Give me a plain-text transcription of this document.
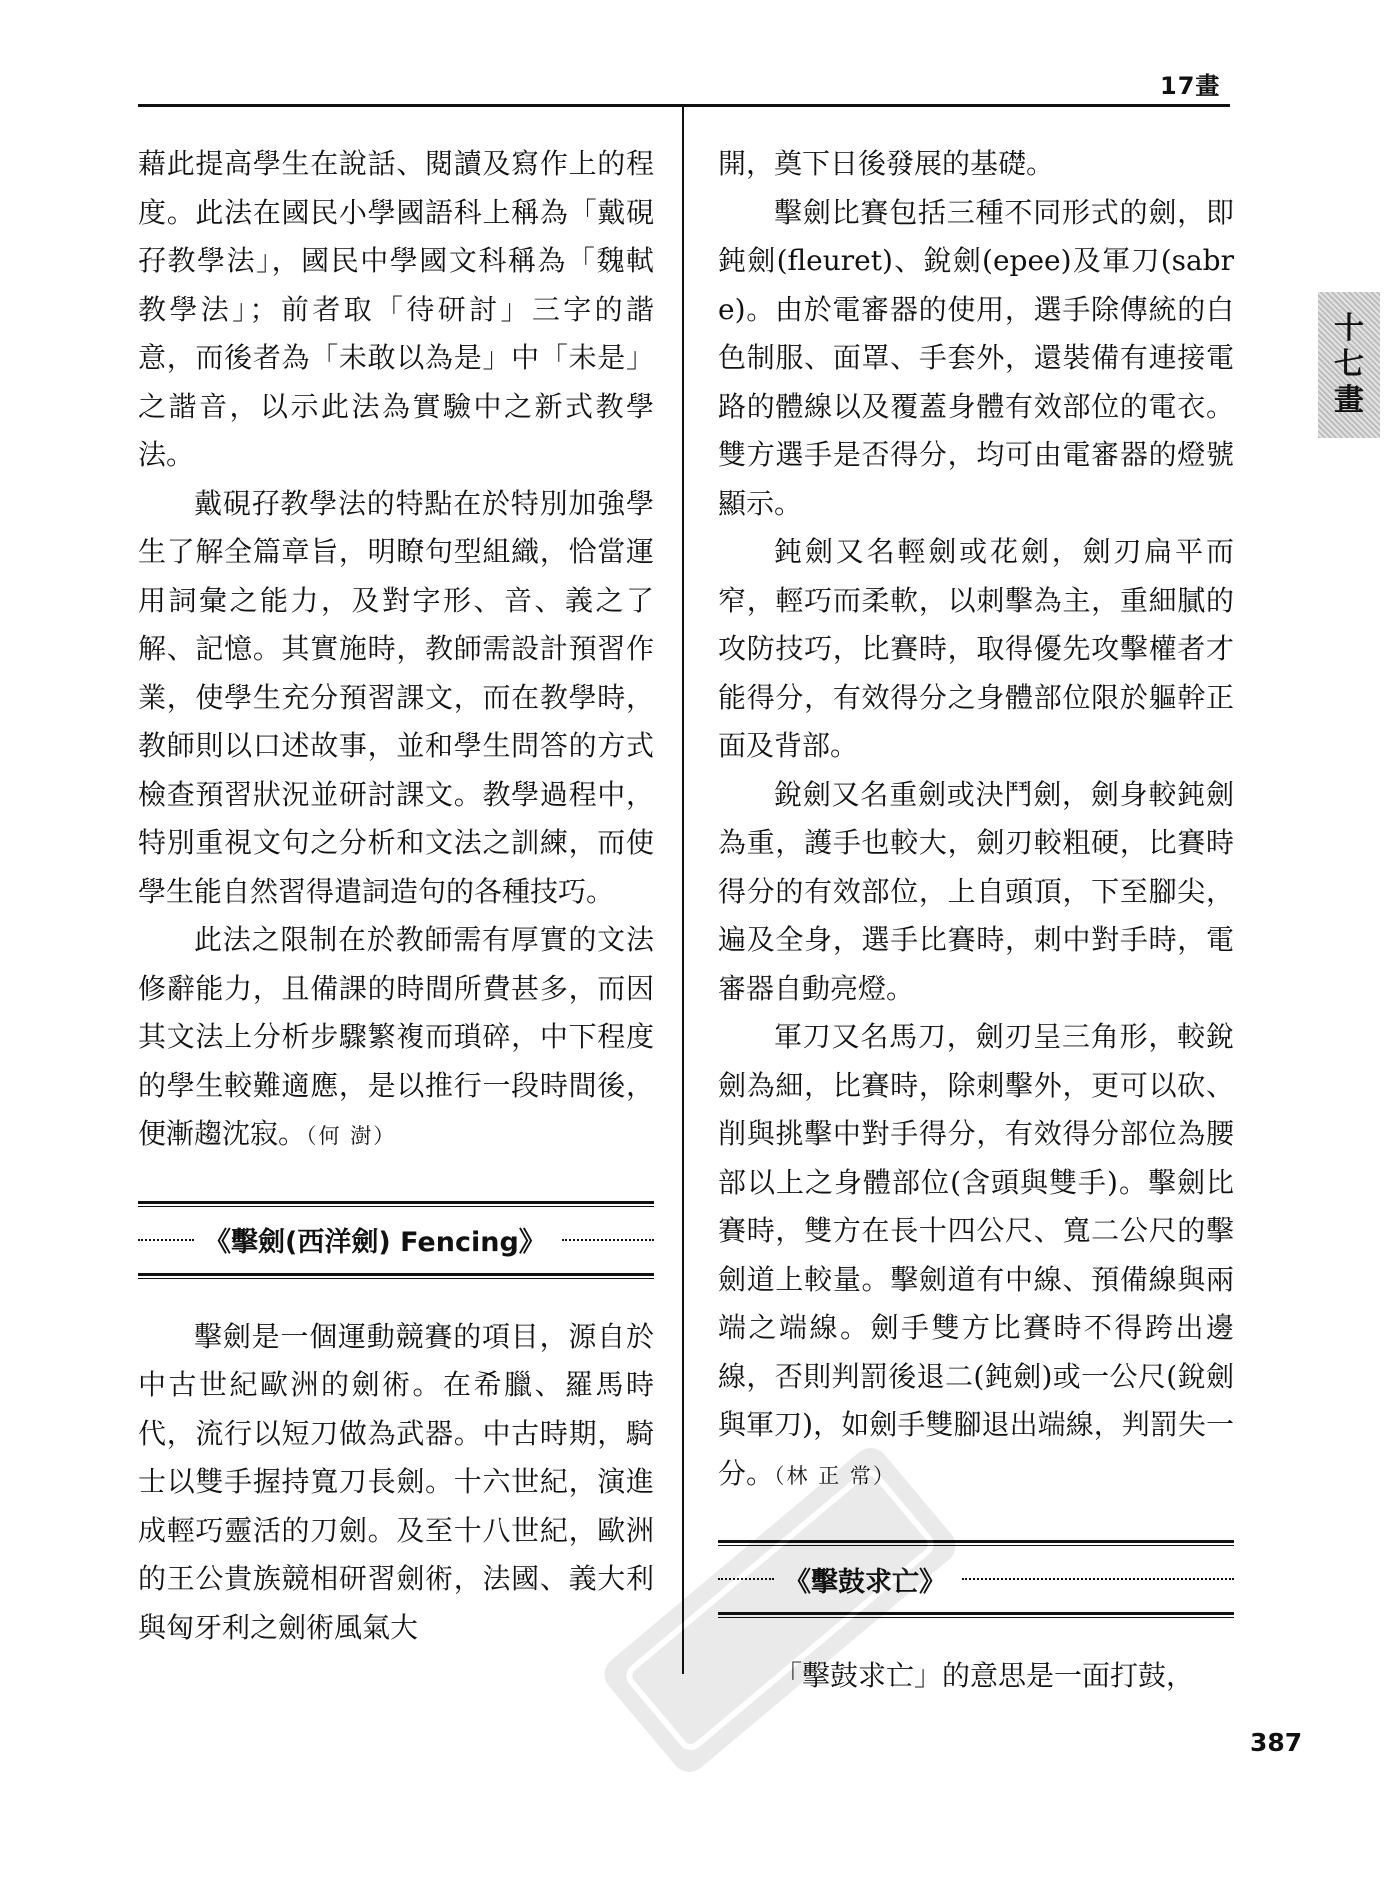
17畫
十
七
畫

藉此提高學生在說話、閱讀及寫作上的程度。此法在國民小學國語科上稱為「戴硯孖教學法」，國民中學國文科稱為「魏軾教學法」；前者取「待研討」三字的諧意，而後者為「未敢以為是」中「未是」之諧音，以示此法為實驗中之新式教學法。

戴硯孖教學法的特點在於特別加強學生了解全篇章旨，明瞭句型組織，恰當運用詞彙之能力，及對字形、音、義之了解、記憶。其實施時，教師需設計預習作業，使學生充分預習課文，而在教學時，教師則以口述故事，並和學生問答的方式檢查預習狀況並研討課文。教學過程中，特別重視文句之分析和文法之訓練，而使學生能自然習得遣詞造句的各種技巧。

此法之限制在於教師需有厚實的文法修辭能力，且備課的時間所費甚多，而因其文法上分析步驟繁複而瑣碎，中下程度的學生較難適應，是以推行一段時間後，便漸趨沈寂。（何 澍）

《擊劍(西洋劍) Fencing》

擊劍是一個運動競賽的項目，源自於中古世紀歐洲的劍術。在希臘、羅馬時代，流行以短刀做為武器。中古時期，騎士以雙手握持寬刀長劍。十六世紀，演進成輕巧靈活的刀劍。及至十八世紀，歐洲的王公貴族競相研習劍術，法國、義大利與匈牙利之劍術風氣大

開，奠下日後發展的基礎。

擊劍比賽包括三種不同形式的劍，即鈍劍(fleuret)、銳劍(epee)及軍刀(sabre)。由於電審器的使用，選手除傳統的白色制服、面罩、手套外，還裝備有連接電路的體線以及覆蓋身體有效部位的電衣。雙方選手是否得分，均可由電審器的燈號顯示。

鈍劍又名輕劍或花劍，劍刃扁平而窄，輕巧而柔軟，以刺擊為主，重細膩的攻防技巧，比賽時，取得優先攻擊權者才能得分，有效得分之身體部位限於軀幹正面及背部。

銳劍又名重劍或決鬥劍，劍身較鈍劍為重，護手也較大，劍刃較粗硬，比賽時得分的有效部位，上自頭頂，下至腳尖，遍及全身，選手比賽時，刺中對手時，電審器自動亮燈。

軍刀又名馬刀，劍刃呈三角形，較銳劍為細，比賽時，除刺擊外，更可以砍、削與挑擊中對手得分，有效得分部位為腰部以上之身體部位(含頭與雙手)。擊劍比賽時，雙方在長十四公尺、寬二公尺的擊劍道上較量。擊劍道有中線、預備線與兩端之端線。劍手雙方比賽時不得跨出邊線，否則判罰後退二(鈍劍)或一公尺(銳劍與軍刀)，如劍手雙腳退出端線，判罰失一分。（林 正 常）

《擊鼓求亡》

「擊鼓求亡」的意思是一面打鼓，

387
